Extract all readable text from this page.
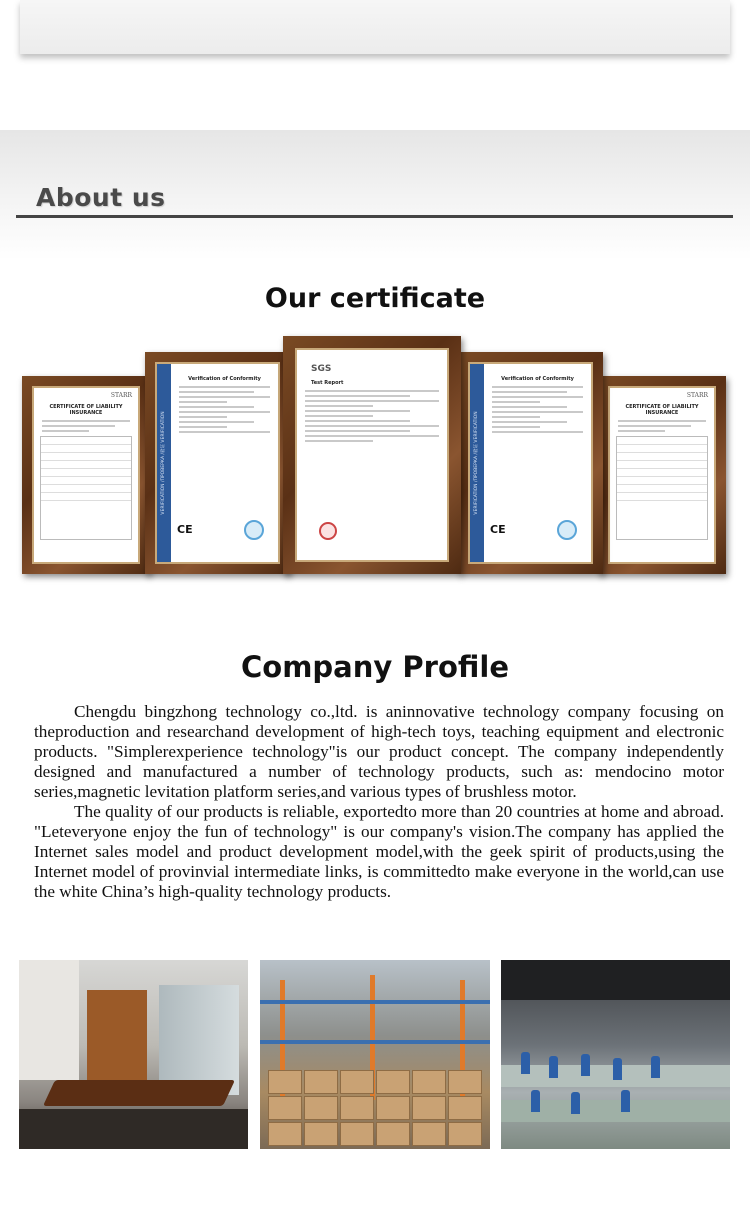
About us
Our certificate
STARR
CERTIFICATE OF LIABILITY INSURANCE
STARR
CERTIFICATE OF LIABILITY INSURANCE
VERIFICATION /ПРОВЕРКА /验证 VERIFICATION
Verification of Conformity
CE
VERIFICATION /ПРОВЕРКА /验证 VERIFICATION
Verification of Conformity
CE
SGS
Test Report
Company Profile

Chengdu bingzhong technology co.,ltd. is aninnovative technology company focusing on theproduction and researchand development of high-tech toys, teaching equipment and electronic products. "Simplerexperience technology"is our product concept. The company independently designed and manufactured a number of technology products, such as: mendocino motor series,magnetic levitation platform series,and various types of brushless motor.

The quality of our products is reliable, exportedto more than 20 countries at home and abroad. "Leteveryone enjoy the fun of technology" is our company's vision.The company has applied the Internet sales model and product development model,with the geek spirit of products,using the Internet model of provinvial intermediate links, is committedto make everyone in the world,can use the white China’s high-quality technology products.
